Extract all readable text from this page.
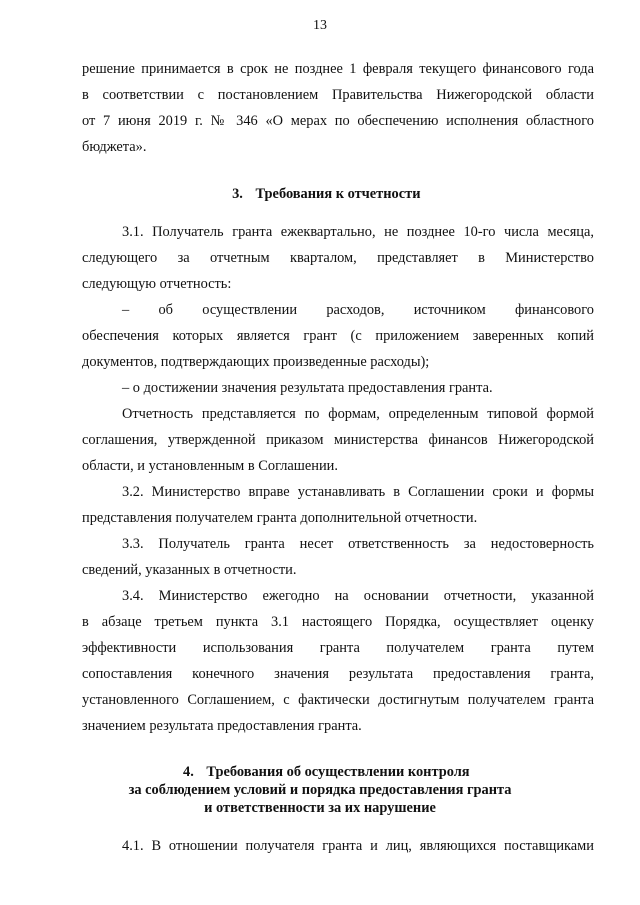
13
решение принимается в срок не позднее 1 февраля текущего финансового года
в соответствии с постановлением Правительства Нижегородской области
от 7 июня 2019 г. № 346 «О мерах по обеспечению исполнения областного
бюджета».
3. Требования к отчетности
3.1. Получатель гранта ежеквартально, не позднее 10-го числа месяца,
следующего за отчетным кварталом, представляет в Министерство
следующую отчетность:
– об осуществлении расходов, источником финансового
обеспечения которых является грант (с приложением заверенных копий
документов, подтверждающих произведенные расходы);
– о достижении значения результата предоставления гранта.
Отчетность представляется по формам, определенным типовой формой
соглашения, утвержденной приказом министерства финансов Нижегородской
области, и установленным в Соглашении.
3.2. Министерство вправе устанавливать в Соглашении сроки и формы
представления получателем гранта дополнительной отчетности.
3.3. Получатель гранта несет ответственность за недостоверность
сведений, указанных в отчетности.
3.4. Министерство ежегодно на основании отчетности, указанной
в абзаце третьем пункта 3.1 настоящего Порядка, осуществляет оценку
эффективности использования гранта получателем гранта путем
сопоставления конечного значения результата предоставления гранта,
установленного Соглашением, с фактически достигнутым получателем гранта
значением результата предоставления гранта.
4. Требования об осуществлении контроля
за соблюдением условий и порядка предоставления гранта
и ответственности за их нарушение
4.1. В отношении получателя гранта и лиц, являющихся поставщиками
